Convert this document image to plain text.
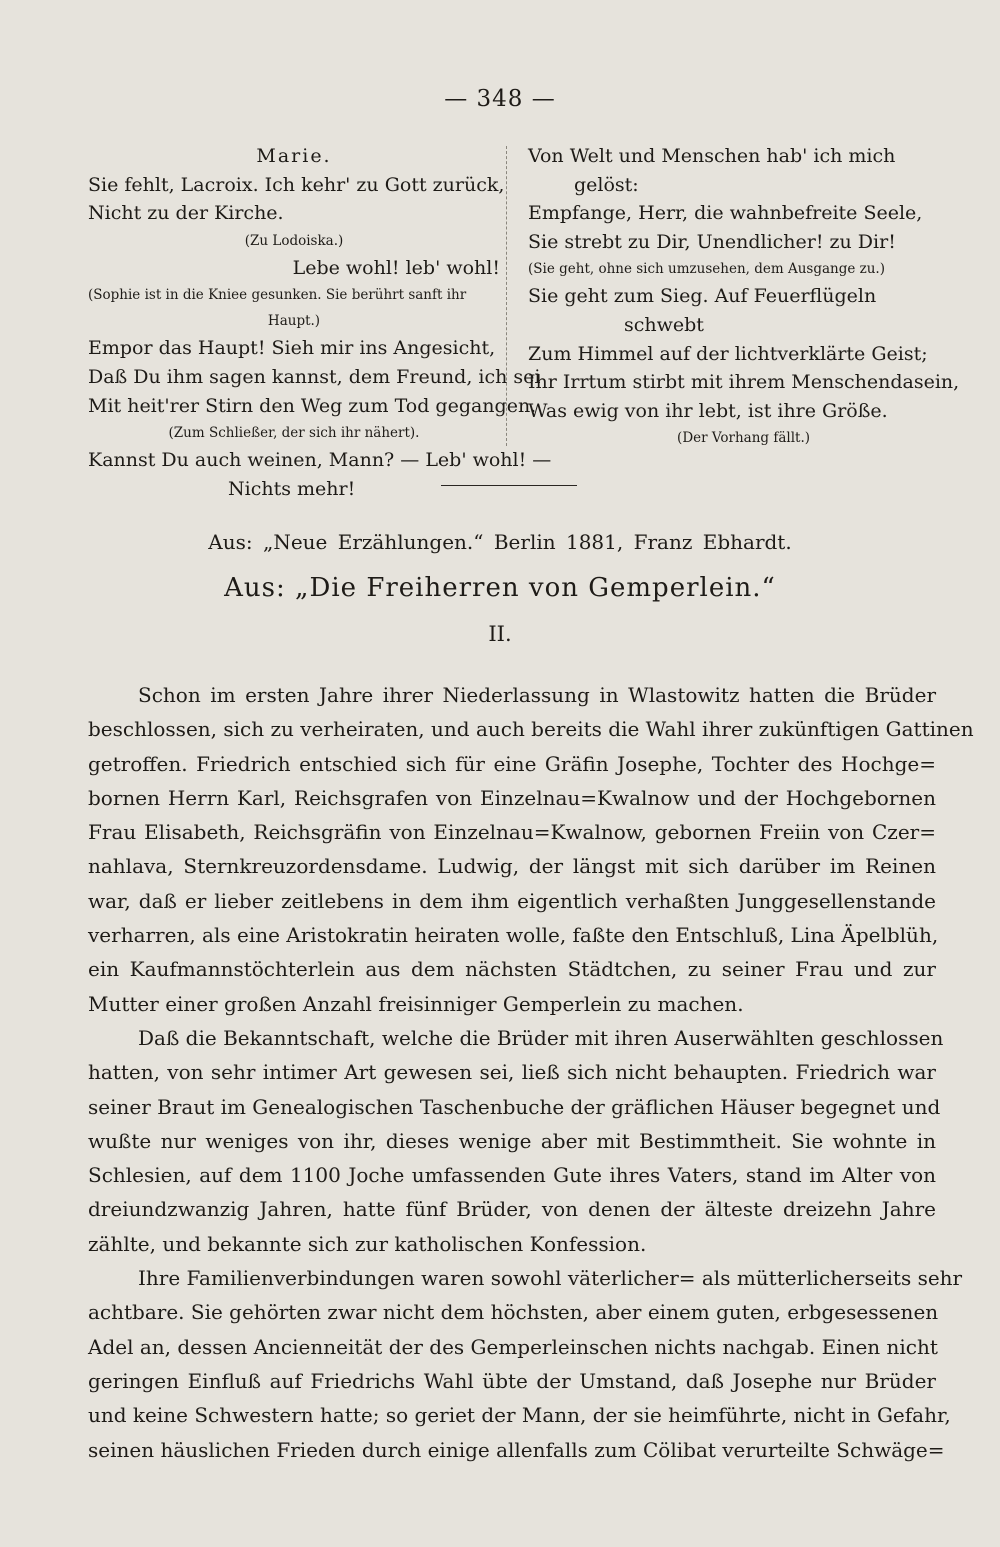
— 348 —
Marie.
Sie fehlt, Lacroix. Ich kehr' zu Gott zurück,
Nicht zu der Kirche.
(Zu Lodoiska.)
Lebe wohl! leb' wohl!
(Sophie ist in die Kniee gesunken. Sie berührt sanft ihr
Haupt.)
Empor das Haupt! Sieh mir ins Angesicht,
Daß Du ihm sagen kannst, dem Freund, ich sei
Mit heit'rer Stirn den Weg zum Tod gegangen.
(Zum Schließer, der sich ihr nähert).
Kannst Du auch weinen, Mann? — Leb' wohl! —
Nichts mehr!
Von Welt und Menschen hab' ich mich
gelöst:
Empfange, Herr, die wahnbefreite Seele,
Sie strebt zu Dir, Unendlicher! zu Dir!
(Sie geht, ohne sich umzusehen, dem Ausgange zu.)
Sie geht zum Sieg. Auf Feuerflügeln
schwebt
Zum Himmel auf der lichtverklärte Geist;
Ihr Irrtum stirbt mit ihrem Menschendasein,
Was ewig von ihr lebt, ist ihre Größe.
(Der Vorhang fällt.)
Aus: „Neue Erzählungen.“ Berlin 1881, Franz Ebhardt.
Aus: „Die Freiherren von Gemperlein.“
II.
Schon im ersten Jahre ihrer Niederlassung in Wlastowitz hatten die Brüder
beschlossen, sich zu verheiraten, und auch bereits die Wahl ihrer zukünftigen Gattinen
getroffen. Friedrich entschied sich für eine Gräfin Josephe, Tochter des Hochge=
bornen Herrn Karl, Reichsgrafen von Einzelnau=Kwalnow und der Hochgebornen
Frau Elisabeth, Reichsgräfin von Einzelnau=Kwalnow, gebornen Freiin von Czer=
nahlava, Sternkreuzordensdame. Ludwig, der längst mit sich darüber im Reinen
war, daß er lieber zeitlebens in dem ihm eigentlich verhaßten Junggesellenstande
verharren, als eine Aristokratin heiraten wolle, faßte den Entschluß, Lina Äpelblüh,
ein Kaufmannstöchterlein aus dem nächsten Städtchen, zu seiner Frau und zur
Mutter einer großen Anzahl freisinniger Gemperlein zu machen.
Daß die Bekanntschaft, welche die Brüder mit ihren Auserwählten geschlossen
hatten, von sehr intimer Art gewesen sei, ließ sich nicht behaupten. Friedrich war
seiner Braut im Genealogischen Taschenbuche der gräflichen Häuser begegnet und
wußte nur weniges von ihr, dieses wenige aber mit Bestimmtheit. Sie wohnte in
Schlesien, auf dem 1100 Joche umfassenden Gute ihres Vaters, stand im Alter von
dreiundzwanzig Jahren, hatte fünf Brüder, von denen der älteste dreizehn Jahre
zählte, und bekannte sich zur katholischen Konfession.
Ihre Familienverbindungen waren sowohl väterlicher= als mütterlicherseits sehr
achtbare. Sie gehörten zwar nicht dem höchsten, aber einem guten, erbgesessenen
Adel an, dessen Ancienneität der des Gemperleinschen nichts nachgab. Einen nicht
geringen Einfluß auf Friedrichs Wahl übte der Umstand, daß Josephe nur Brüder
und keine Schwestern hatte; so geriet der Mann, der sie heimführte, nicht in Gefahr,
seinen häuslichen Frieden durch einige allenfalls zum Cölibat verurteilte Schwäge=
